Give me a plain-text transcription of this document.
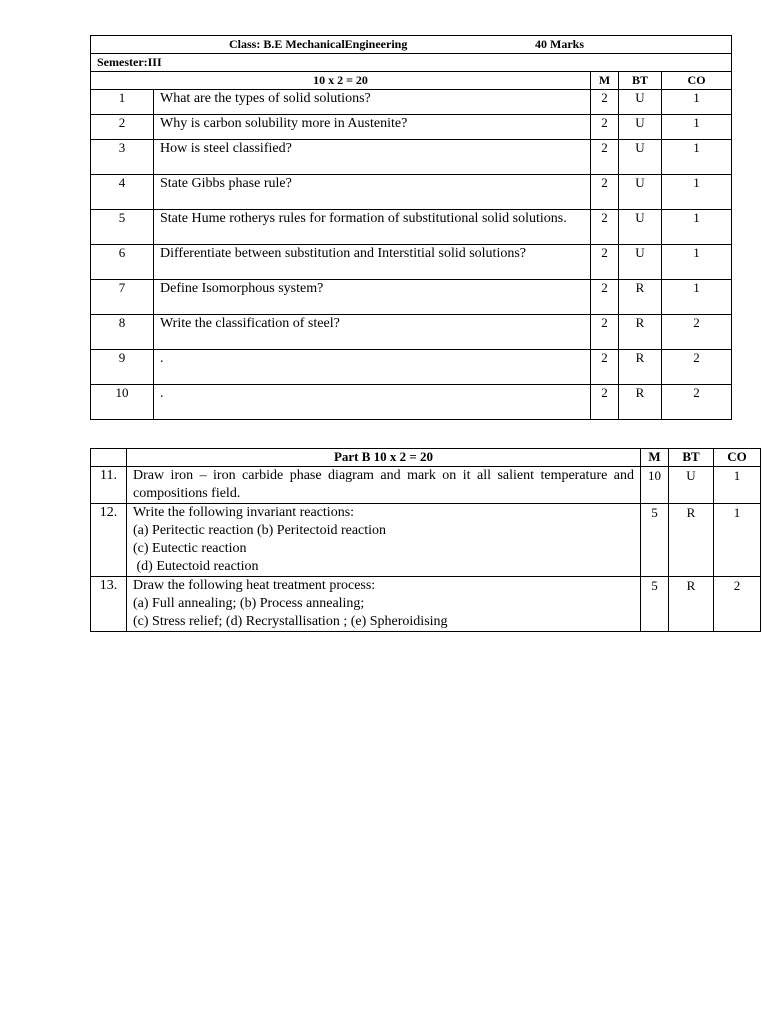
Class: B.E MechanicalEngineering 40 Marks				

Semester:III				
10 x 2 = 20		M	BT	CO
1	What are the types of solid solutions?	2	U	1
2	Why is carbon solubility more in Austenite?	2	U	1
3	How is steel classified?	2	U	1
4	State Gibbs phase rule?	2	U	1
5	State Hume rotherys rules for formation of substitutional solid solutions.	2	U	1
6	Differentiate between substitution and Interstitial solid solutions?	2	U	1
7	Define Isomorphous system?	2	R	1
8	Write the classification of steel?	2	R	2
9	.	2	R	2
10	.	2	R	2
	Part B 10 x 2 = 20	M	BT	CO
11.	Draw iron – iron carbide phase diagram and mark on it all salient temperature and compositions field.	10	U	1
12.	Write the following invariant reactions:
(a) Peritectic reaction (b) Peritectoid reaction
(c) Eutectic reaction
(d) Eutectoid reaction	5	R	1
13.	Draw the following heat treatment process:
(a) Full annealing; (b) Process annealing;
(c) Stress relief; (d) Recrystallisation ; (e) Spheroidising	5	R	2
